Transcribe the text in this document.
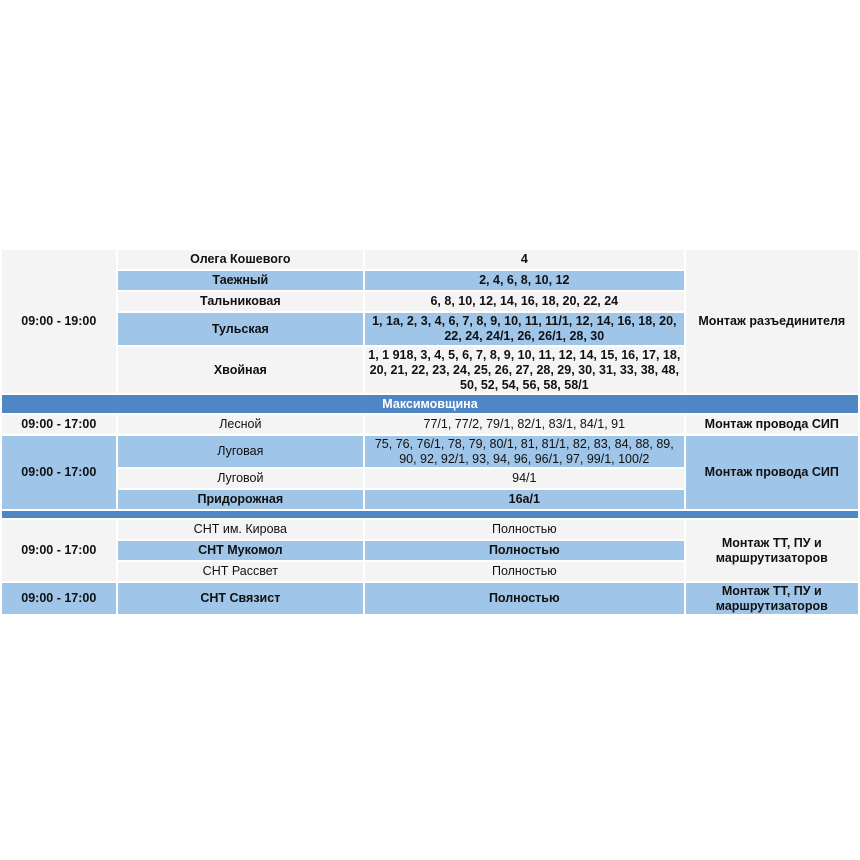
09:00 - 19:00	Олега Кошевого	4	Монтаж разъединителя
	Таежный	2, 4, 6, 8, 10, 12	
	Тальниковая	6, 8, 10, 12, 14, 16, 18, 20, 22, 24	
	Тульская	1, 1а, 2, 3, 4, 6, 7, 8, 9, 10, 11, 11/1, 12, 14, 16, 18, 20, 22, 24, 24/1, 26, 26/1, 28, 30	
	Хвойная	1, 1 918, 3, 4, 5, 6, 7, 8, 9, 10, 11, 12, 14, 15, 16, 17, 18, 20, 21, 22, 23, 24, 25, 26, 27, 28, 29, 30, 31, 33, 38, 48, 50, 52, 54, 56, 58, 58/1	
Максимовщина			
09:00 - 17:00	Лесной	77/1, 77/2, 79/1, 82/1, 83/1, 84/1, 91	Монтаж провода СИП
09:00 - 17:00	Луговая	75, 76, 76/1, 78, 79, 80/1, 81, 81/1, 82, 83, 84, 88, 89, 90, 92, 92/1, 93, 94, 96, 96/1, 97, 99/1, 100/2	Монтаж провода СИП
	Луговой	94/1	
	Придорожная	16а/1	

09:00 - 17:00	СНТ им. Кирова	Полностью	Монтаж ТТ, ПУ и маршрутизаторов
	СНТ Мукомол	Полностью	
	СНТ Рассвет	Полностью	
09:00 - 17:00	СНТ Связист	Полностью	Монтаж ТТ, ПУ и маршрутизаторов
